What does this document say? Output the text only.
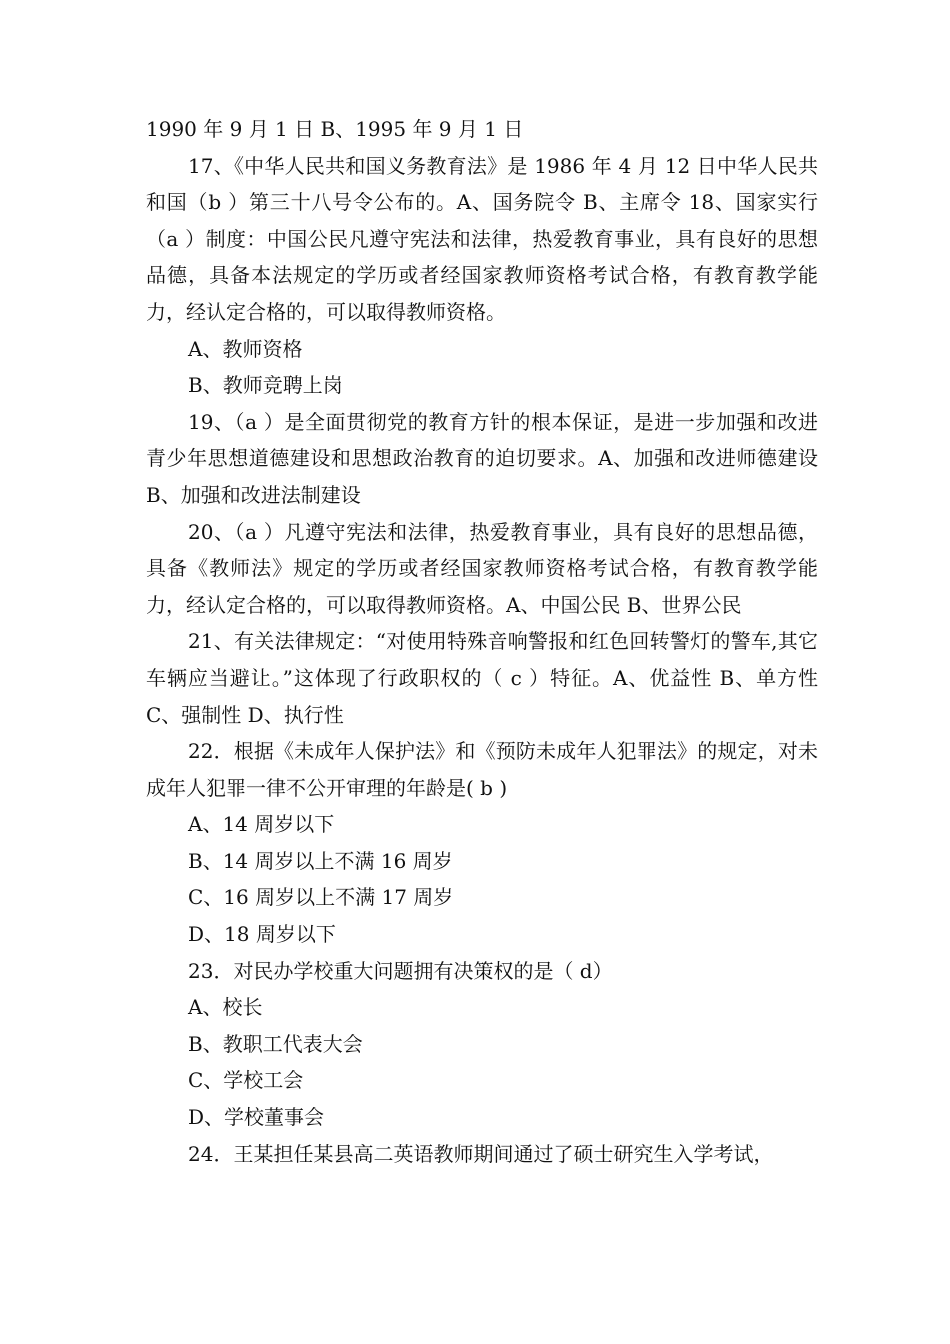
1990 年 9 月 1 日 B、1995 年 9 月 1 日

17、《中华人民共和国义务教育法》是 1986 年 4 月 12 日中华人民共和国（b ）第三十八号令公布的。A、国务院令 B、主席令 18、国家实行（a ）制度：中国公民凡遵守宪法和法律，热爱教育事业，具有良好的思想品德，具备本法规定的学历或者经国家教师资格考试合格，有教育教学能力，经认定合格的，可以取得教师资格。

A、教师资格

B、教师竞聘上岗

19、（a ）是全面贯彻党的教育方针的根本保证，是进一步加强和改进青少年思想道德建设和思想政治教育的迫切要求。A、加强和改进师德建设 B、加强和改进法制建设

20、（a ）凡遵守宪法和法律，热爱教育事业，具有良好的思想品德，具备《教师法》规定的学历或者经国家教师资格考试合格，有教育教学能力，经认定合格的，可以取得教师资格。A、中国公民 B、世界公民

21、有关法律规定：“对使用特殊音响警报和红色回转警灯的警车,其它车辆应当避让。”这体现了行政职权的（ c ）特征。A、优益性 B、单方性 C、强制性 D、执行性

22．根据《未成年人保护法》和《预防未成年人犯罪法》的规定，对未成年人犯罪一律不公开审理的年龄是( b )

A、14 周岁以下

B、14 周岁以上不满 16 周岁

C、16 周岁以上不满 17 周岁

D、18 周岁以下

23．对民办学校重大问题拥有决策权的是（ d）

A、校长

B、教职工代表大会

C、学校工会

D、学校董事会

24．王某担任某县高二英语教师期间通过了硕士研究生入学考试，
